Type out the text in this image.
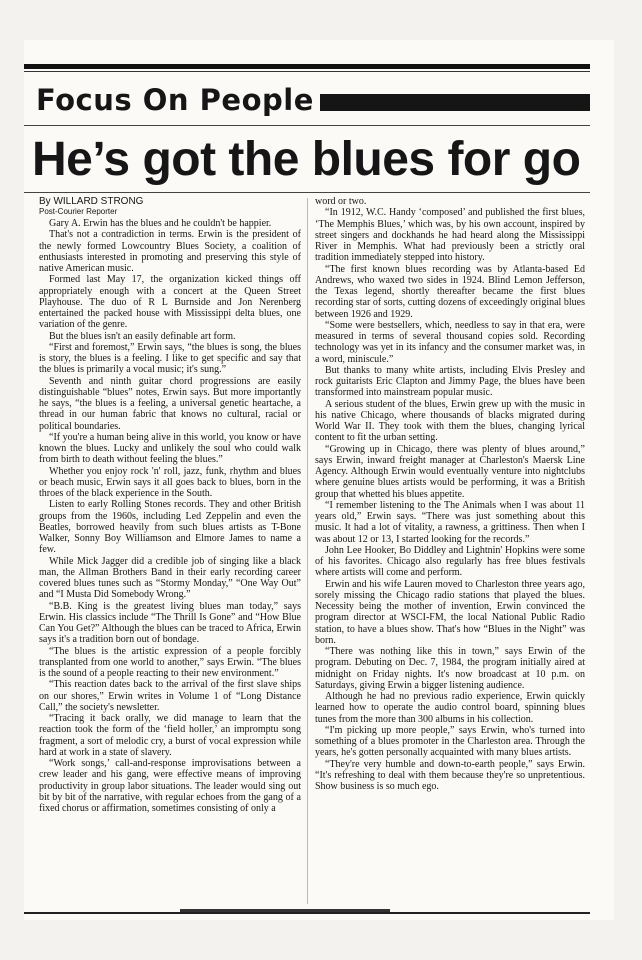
Focus On People
He’s got the blues for go
By WILLARD STRONG
Post-Courier Reporter

Gary A. Erwin has the blues and he couldn't be happier.

That's not a contradiction in terms. Erwin is the president of the newly formed Lowcountry Blues Society, a coalition of enthusiasts interested in promoting and preserving this style of native American music.

Formed last May 17, the organization kicked things off appropriately enough with a concert at the Queen Street Playhouse. The duo of R L Burnside and Jon Nerenberg entertained the packed house with Mississippi delta blues, one variation of the genre.

But the blues isn't an easily definable art form.

“First and foremost,” Erwin says, “the blues is song, the blues is story, the blues is a feeling. I like to get specific and say that the blues is primarily a vocal music; it's sung.”

Seventh and ninth guitar chord progressions are easily distinguishable “blues” notes, Erwin says. But more importantly he says, “the blues is a feeling, a universal genetic heartache, a thread in our human fabric that knows no cultural, racial or political boundaries.

“If you're a human being alive in this world, you know or have known the blues. Lucky and unlikely the soul who could walk from birth to death without feeling the blues.”

Whether you enjoy rock 'n' roll, jazz, funk, rhythm and blues or beach music, Erwin says it all goes back to blues, born in the throes of the black experience in the South.

Listen to early Rolling Stones records. They and other British groups from the 1960s, including Led Zeppelin and even the Beatles, borrowed heavily from such blues artists as T-Bone Walker, Sonny Boy Williamson and Elmore James to name a few.

While Mick Jagger did a credible job of singing like a black man, the Allman Brothers Band in their early recording career covered blues tunes such as “Stormy Monday,” “One Way Out” and “I Musta Did Somebody Wrong.”

“B.B. King is the greatest living blues man today,” says Erwin. His classics include “The Thrill Is Gone” and “How Blue Can You Get?” Although the blues can be traced to Africa, Erwin says it's a tradition born out of bondage.

“The blues is the artistic expression of a people forcibly transplanted from one world to another,” says Erwin. “The blues is the sound of a people reacting to their new environment.”

“This reaction dates back to the arrival of the first slave ships on our shores,” Erwin writes in Volume 1 of “Long Distance Call,” the society's newsletter.

“Tracing it back orally, we did manage to learn that the reaction took the form of the ‘field holler,’ an impromptu song fragment, a sort of melodic cry, a burst of vocal expression while hard at work in a state of slavery.

“Work songs,’ call-and-response improvisations between a crew leader and his gang, were effective means of improving productivity in group labor situations. The leader would sing out bit by bit of the narrative, with regular echoes from the gang of a fixed chorus or affirmation, sometimes consisting of only a

word or two.

“In 1912, W.C. Handy ‘composed’ and published the first blues, ‘The Memphis Blues,’ which was, by his own account, inspired by street singers and dockhands he had heard along the Mississippi River in Memphis. What had previously been a strictly oral tradition immediately stepped into history.

“The first known blues recording was by Atlanta-based Ed Andrews, who waxed two sides in 1924. Blind Lemon Jefferson, the Texas legend, shortly thereafter became the first blues recording star of sorts, cutting dozens of exceedingly original blues between 1926 and 1929.

“Some were bestsellers, which, needless to say in that era, were measured in terms of several thousand copies sold. Recording technology was yet in its infancy and the consumer market was, in a word, miniscule.”

But thanks to many white artists, including Elvis Presley and rock guitarists Eric Clapton and Jimmy Page, the blues have been transformed into mainstream popular music.

A serious student of the blues, Erwin grew up with the music in his native Chicago, where thousands of blacks migrated during World War II. They took with them the blues, changing lyrical content to fit the urban setting.

“Growing up in Chicago, there was plenty of blues around,” says Erwin, inward freight manager at Charleston's Maersk Line Agency. Although Erwin would eventually venture into nightclubs where genuine blues artists would be performing, it was a British group that whetted his blues appetite.

“I remember listening to the The Animals when I was about 11 years old,” Erwin says. “There was just something about this music. It had a lot of vitality, a rawness, a grittiness. Then when I was about 12 or 13, I started looking for the records.”

John Lee Hooker, Bo Diddley and Lightnin' Hopkins were some of his favorites. Chicago also regularly has free blues festivals where artists will come and perform.

Erwin and his wife Lauren moved to Charleston three years ago, sorely missing the Chicago radio stations that played the blues. Necessity being the mother of invention, Erwin convinced the program director at WSCI-FM, the local National Public Radio station, to have a blues show. That's how “Blues in the Night” was born.

“There was nothing like this in town,” says Erwin of the program. Debuting on Dec. 7, 1984, the program initially aired at midnight on Friday nights. It's now broadcast at 10 p.m. on Saturdays, giving Erwin a bigger listening audience.

Although he had no previous radio experience, Erwin quickly learned how to operate the audio control board, spinning blues tunes from the more than 300 albums in his collection.

“I'm picking up more people,” says Erwin, who's turned into something of a blues promoter in the Charleston area. Through the years, he's gotten personally acquainted with many blues artists.

“They're very humble and down-to-earth people,” says Erwin. “It's refreshing to deal with them because they're so unpretentious. Show business is so much ego.
